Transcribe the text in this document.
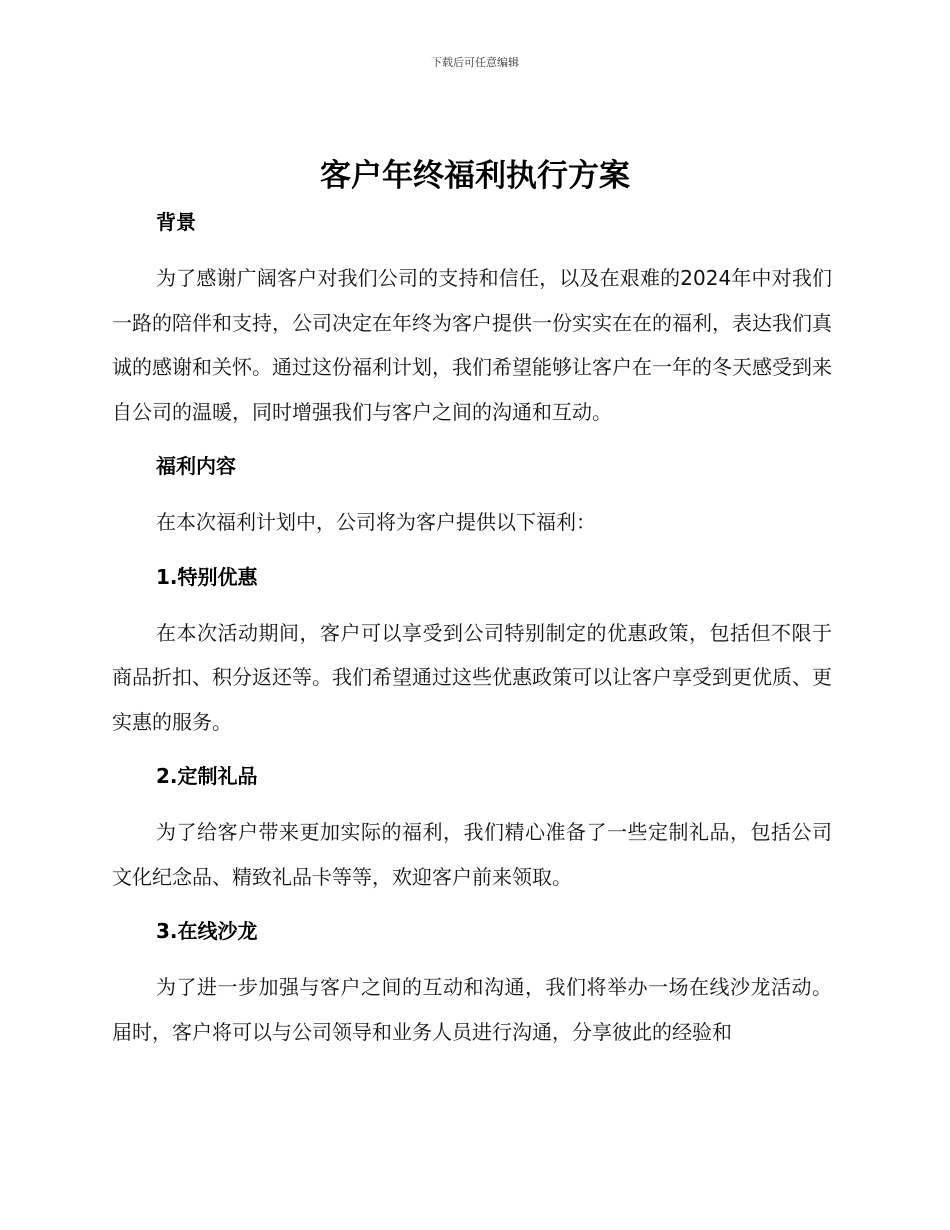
下载后可任意编辑
客户年终福利执行方案
背景

为了感谢广阔客户对我们公司的支持和信任，以及在艰难的2024年中对我们一路的陪伴和支持，公司决定在年终为客户提供一份实实在在的福利，表达我们真诚的感谢和关怀。通过这份福利计划，我们希望能够让客户在一年的冬天感受到来自公司的温暖，同时增强我们与客户之间的沟通和互动。

福利内容

在本次福利计划中，公司将为客户提供以下福利：

1.特别优惠

在本次活动期间，客户可以享受到公司特别制定的优惠政策，包括但不限于商品折扣、积分返还等。我们希望通过这些优惠政策可以让客户享受到更优质、更实惠的服务。

2.定制礼品

为了给客户带来更加实际的福利，我们精心准备了一些定制礼品，包括公司文化纪念品、精致礼品卡等等，欢迎客户前来领取。

3.在线沙龙

为了进一步加强与客户之间的互动和沟通，我们将举办一场在线沙龙活动。届时，客户将可以与公司领导和业务人员进行沟通，分享彼此的经验和
